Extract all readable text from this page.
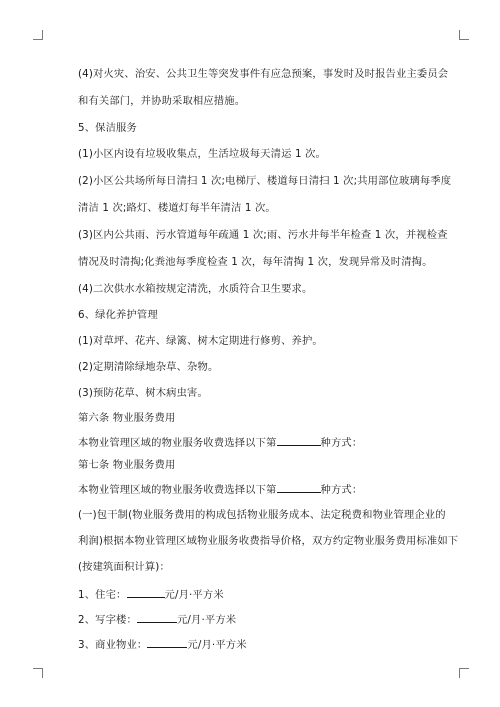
(4)对火灾、治安、公共卫生等突发事件有应急预案，事发时及时报告业主委员会
和有关部门，并协助采取相应措施。
5、保洁服务
(1)小区内设有垃圾收集点，生活垃圾每天清运 1 次。
(2)小区公共场所每日清扫 1 次;电梯厅、楼道每日清扫 1 次;共用部位玻璃每季度
清洁 1 次;路灯、楼道灯每半年清洁 1 次。
(3)区内公共雨、污水管道每年疏通 1 次;雨、污水井每半年检查 1 次，并视检查
情况及时清掏;化粪池每季度检查 1 次，每年清掏 1 次，发现异常及时清掏。
(4)二次供水水箱按规定清洗，水质符合卫生要求。
6、绿化养护管理
(1)对草坪、花卉、绿篱、树木定期进行修剪、养护。
(2)定期清除绿地杂草、杂物。
(3)预防花草、树木病虫害。
第六条 物业服务费用
本物业管理区域的物业服务收费选择以下第	种方式：
第七条 物业服务费用
本物业管理区域的物业服务收费选择以下第	种方式：
(一)包干制(物业服务费用的构成包括物业服务成本、法定税费和物业管理企业的
利润)根据本物业管理区域物业服务收费指导价格，双方约定物业服务费用标准如下
(按建筑面积计算)：
1、住宅：	元/月·平方米
2、写字楼：	元/月·平方米
3、商业物业：	元/月·平方米
